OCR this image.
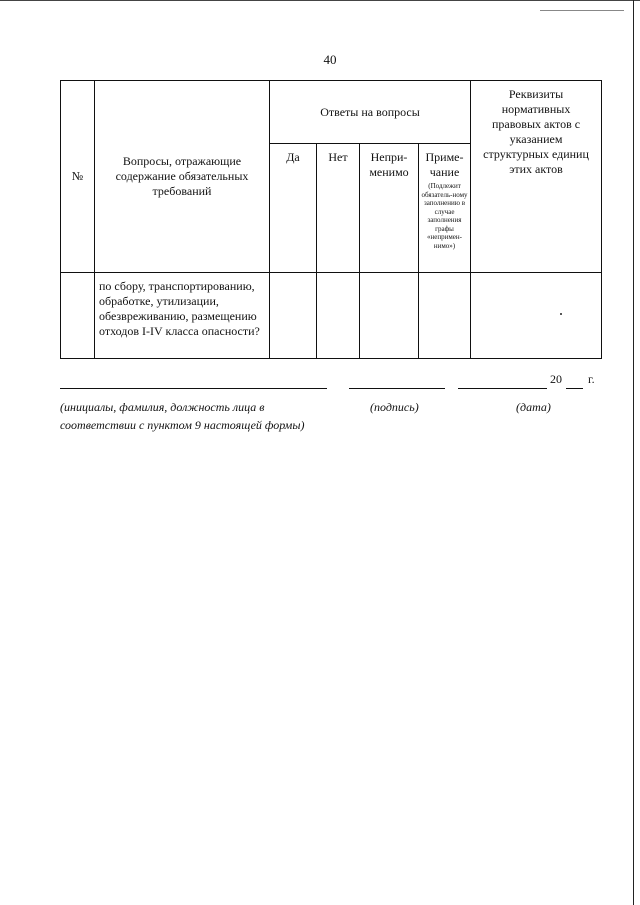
40
№	Вопросы, отражающие содержание обязательных требований	Ответы на вопросы				Реквизиты нормативных правовых актов с указанием структурных единиц этих актов
		Да	Нет	Непри-менимо	Приме-чание
(Подлежит обязатель-ному заполнению в случае заполнения графы «непримен-нимо»)	

	по сбору, транспортированию, обработке, утилизации, обезвреживанию, размещению отходов I-IV класса опасности?					
20 г.
(инициалы, фамилия, должность лица в соответствии с пунктом 9 настоящей формы)
(подпись)	(дата)
